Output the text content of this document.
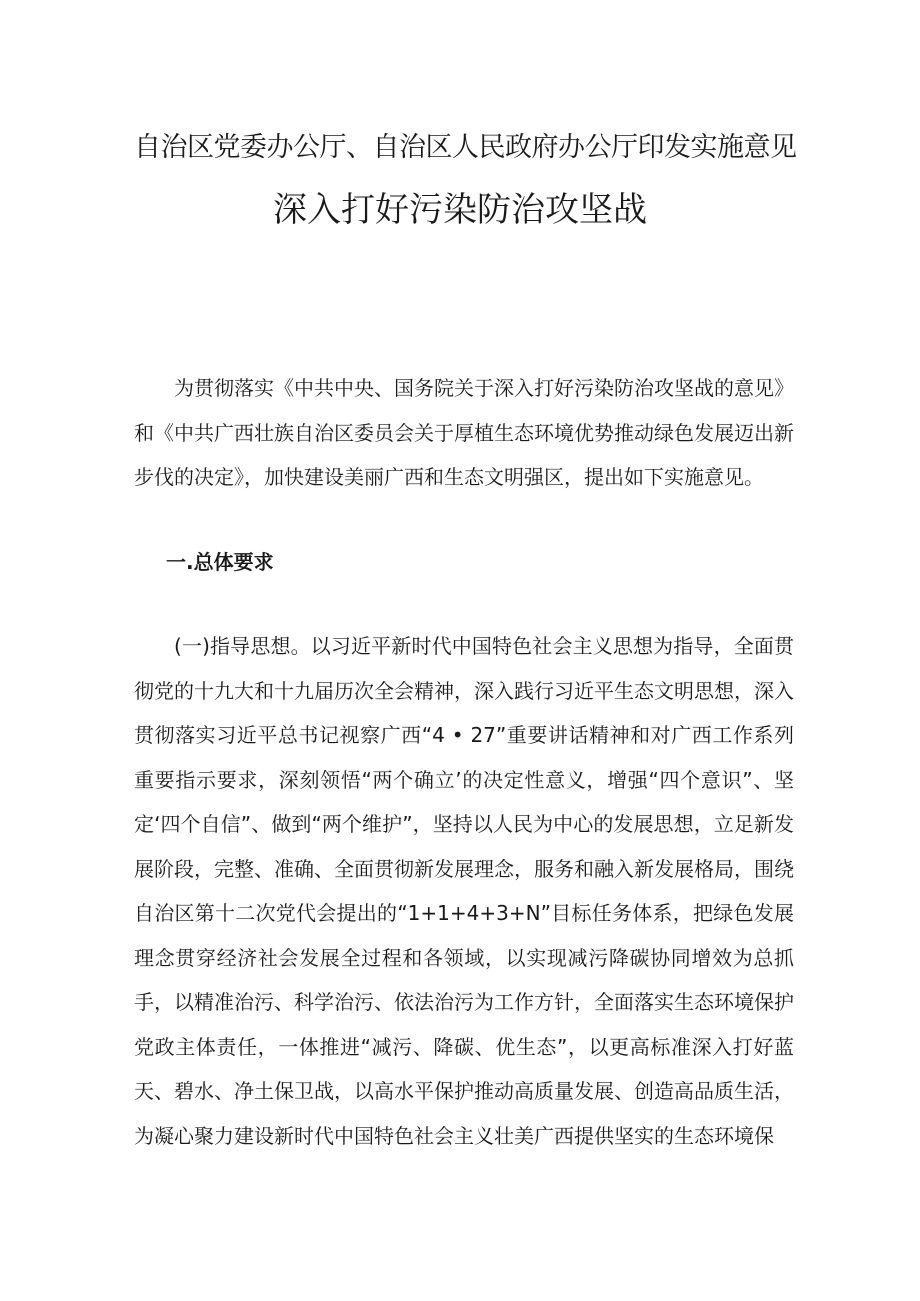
自治区党委办公厅、自治区人民政府办公厅印发实施意见
深入打好污染防治攻坚战

为贯彻落实《中共中央、国务院关于深入打好污染防治攻坚战的意见》和《中共广西壮族自治区委员会关于厚植生态环境优势推动绿色发展迈出新步伐的决定》，加快建设美丽广西和生态文明强区，提出如下实施意见。

一.总体要求

(一)指导思想。以习近平新时代中国特色社会主义思想为指导，全面贯彻党的十九大和十九届历次全会精神，深入践行习近平生态文明思想，深入贯彻落实习近平总书记视察广西“4 • 27”重要讲话精神和对广西工作系列重要指示要求，深刻领悟“两个确立’的决定性意义，增强“四个意识”、坚定‘四个自信”、做到“两个维护”，坚持以人民为中心的发展思想，立足新发展阶段，完整、准确、全面贯彻新发展理念，服务和融入新发展格局，围绕自治区第十二次党代会提出的“1+1+4+3+N”目标任务体系，把绿色发展理念贯穿经济社会发展全过程和各领域，以实现减污降碳协同增效为总抓手，以精准治污、科学治污、依法治污为工作方针，全面落实生态环境保护党政主体责任，一体推进“减污、降碳、优生态”，以更高标准深入打好蓝天、碧水、净土保卫战，以高水平保护推动高质量发展、创造高品质生活，为凝心聚力建设新时代中国特色社会主义壮美广西提供坚实的生态环境保
